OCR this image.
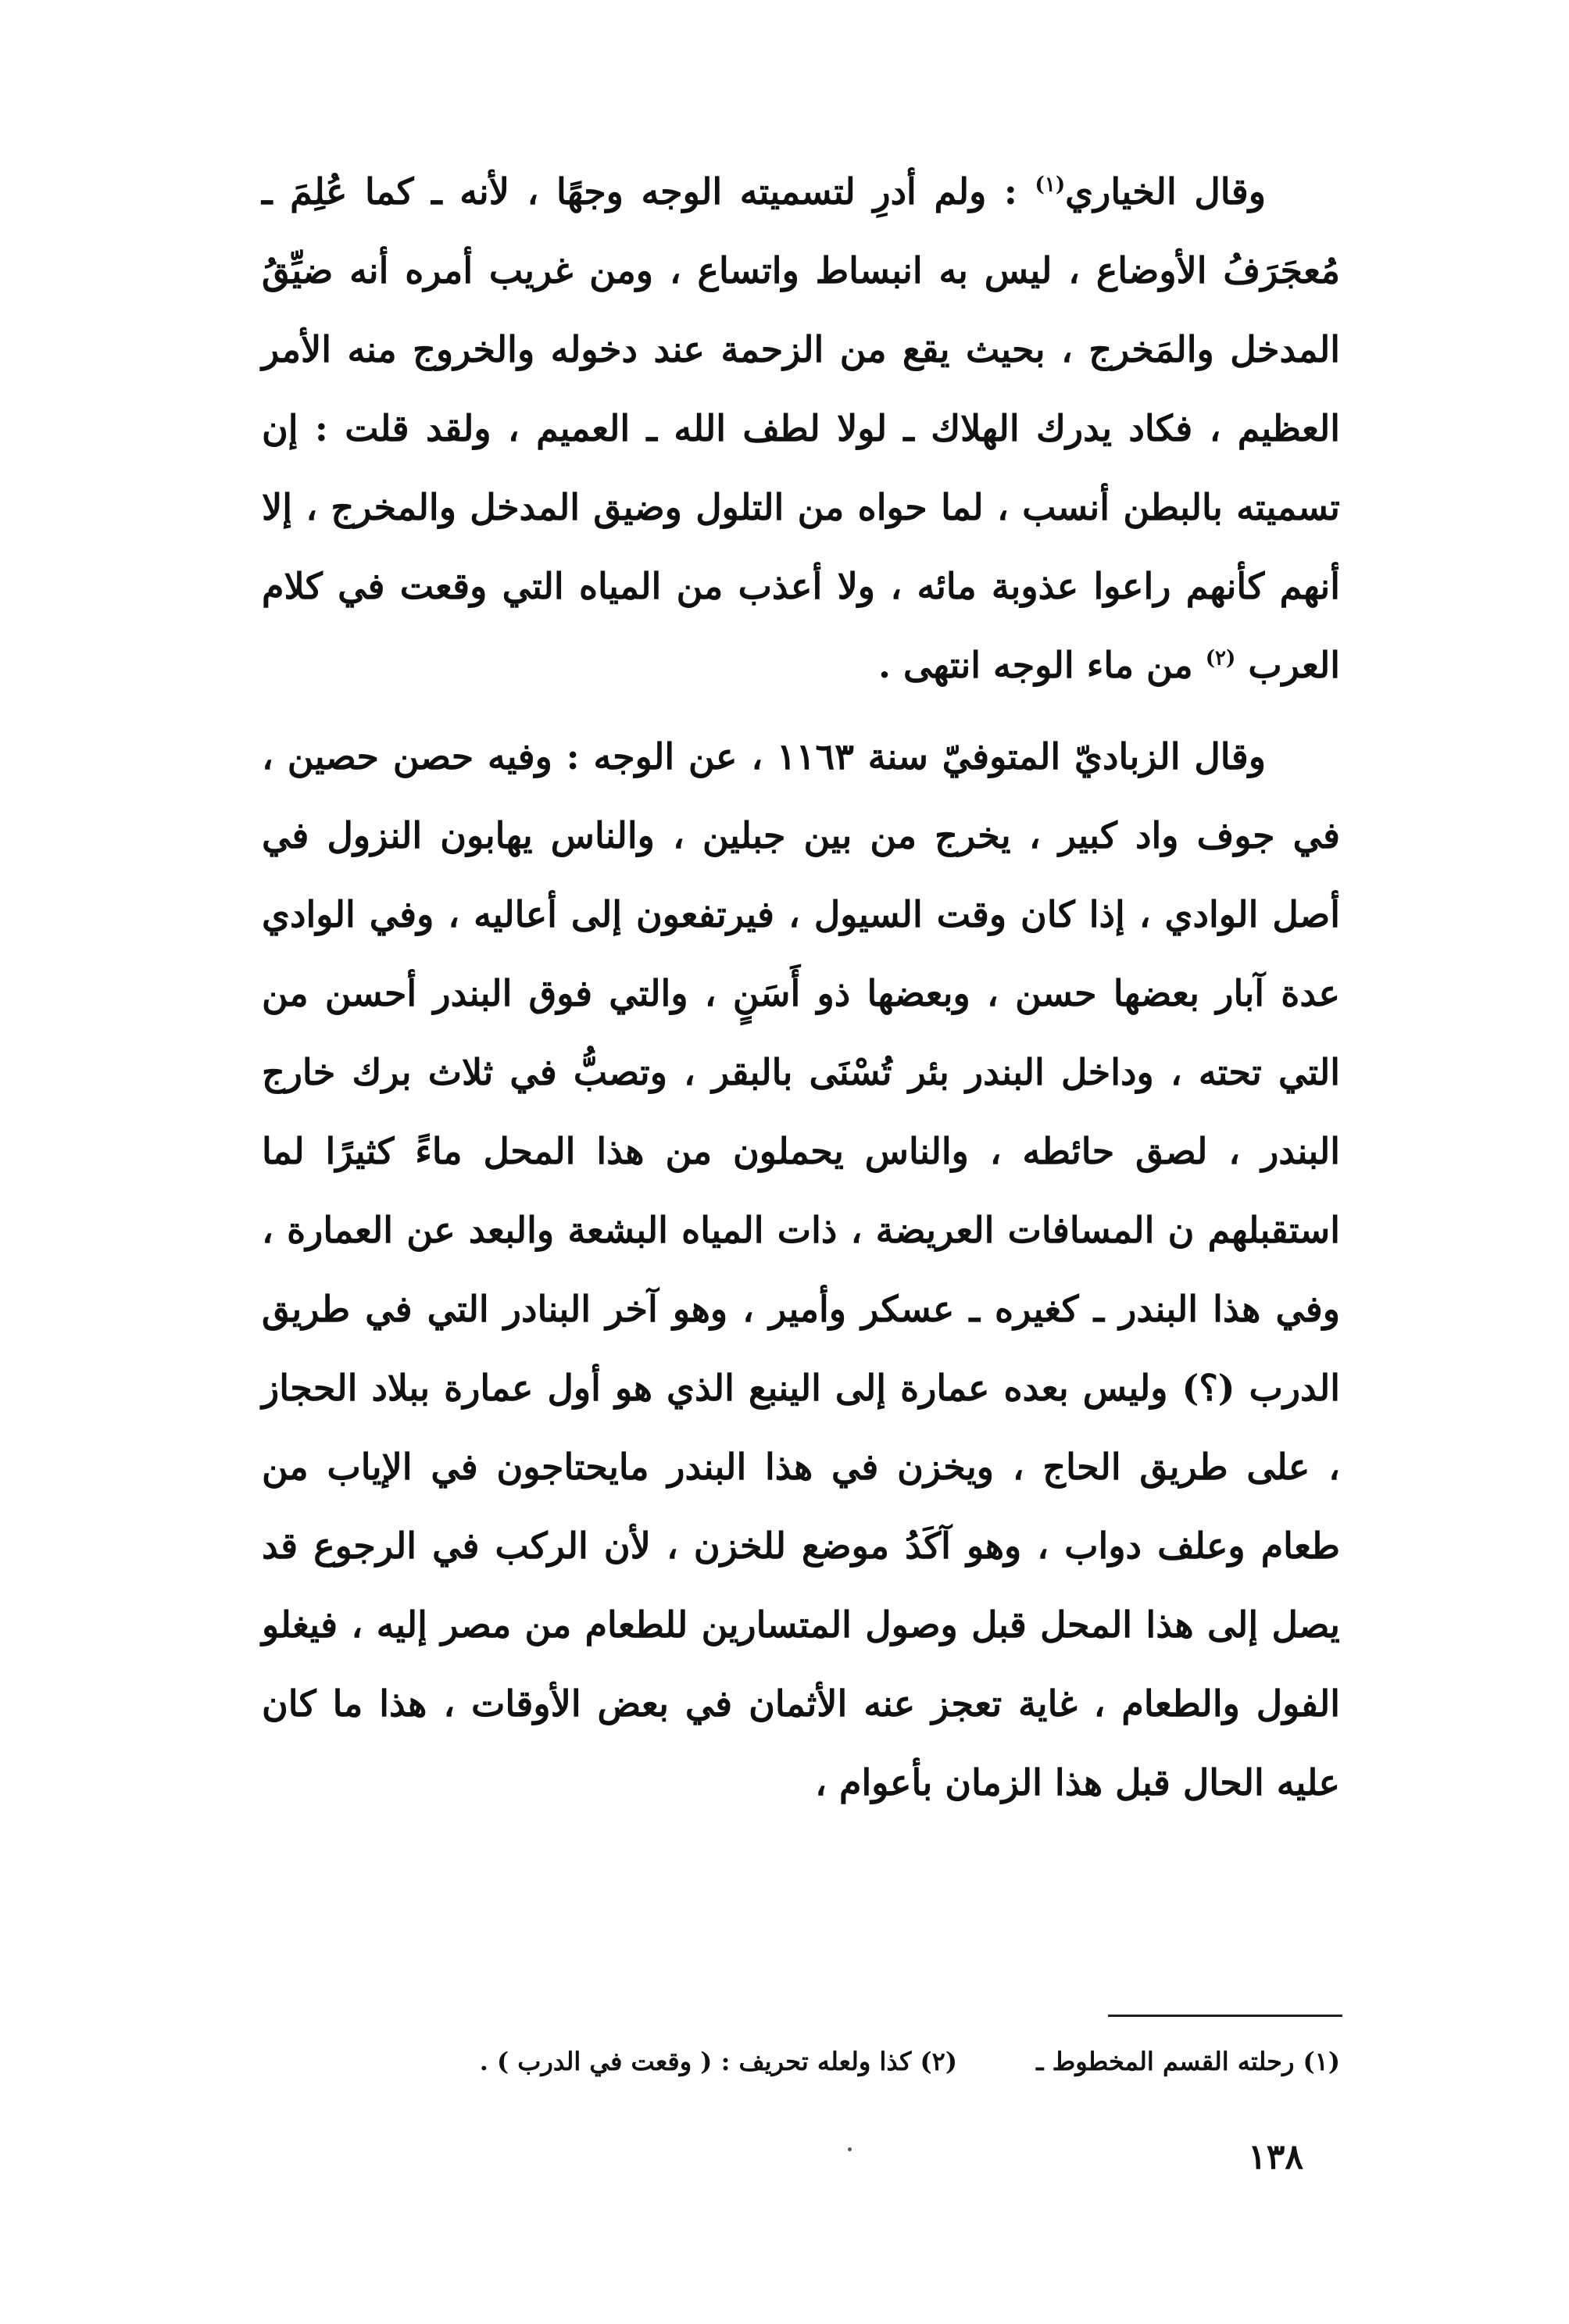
وقال الخياري$^{(١)}$ : ولم أدرِ لتسميته الوجه وجهًا ، لأنه ـ كما عُلِمَ ـ مُعجَرَفُ الأوضاع ، ليس به انبساط واتساع ، ومن غريب أمره أنه ضيِّقُ المدخل والمَخرج ، بحيث يقع من الزحمة عند دخوله والخروج منه الأمر العظيم ، فكاد يدرك الهلاك ـ لولا لطف الله ـ العميم ، ولقد قلت : إن تسميته بالبطن أنسب ، لما حواه من التلول وضيق المدخل والمخرج ، إلا أنهم كأنهم راعوا عذوبة مائه ، ولا أعذب من المياه التي وقعت في كلام العرب $^{(٢)}$ من ماء الوجه انتهى .

وقال الزباديّ المتوفيّ سنة ١١٦٣ ، عن الوجه : وفيه حصن حصين ، في جوف واد كبير ، يخرج من بين جبلين ، والناس يهابون النزول في أصل الوادي ، إذا كان وقت السيول ، فيرتفعون إلى أعاليه ، وفي الوادي عدة آبار بعضها حسن ، وبعضها ذو أَسَنٍ ، والتي فوق البندر أحسن من التي تحته ، وداخل البندر بئر تُسْنَى بالبقر ، وتصبُّ في ثلاث برك خارج البندر ، لصق حائطه ، والناس يحملون من هذا المحل ماءً كثيرًا لما استقبلهم ن المسافات العريضة ، ذات المياه البشعة والبعد عن العمارة ، وفي هذا البندر ـ كغيره ـ عسكر وأمير ، وهو آخر البنادر التي في طريق الدرب (؟) وليس بعده عمارة إلى الينبع الذي هو أول عمارة ببلاد الحجاز ، على طريق الحاج ، ويخزن في هذا البندر مايحتاجون في الإياب من طعام وعلف دواب ، وهو آكَدُ موضع للخزن ، لأن الركب في الرجوع قد يصل إلى هذا المحل قبل وصول المتسارين للطعام من مصر إليه ، فيغلو الفول والطعام ، غاية تعجز عنه الأثمان في بعض الأوقات ، هذا ما كان عليه الحال قبل هذا الزمان بأعوام ،

(١) رحلته القسم المخطوط ـ (٢) كذا ولعله تحريف : ( وقعت في الدرب ) .
١٣٨
